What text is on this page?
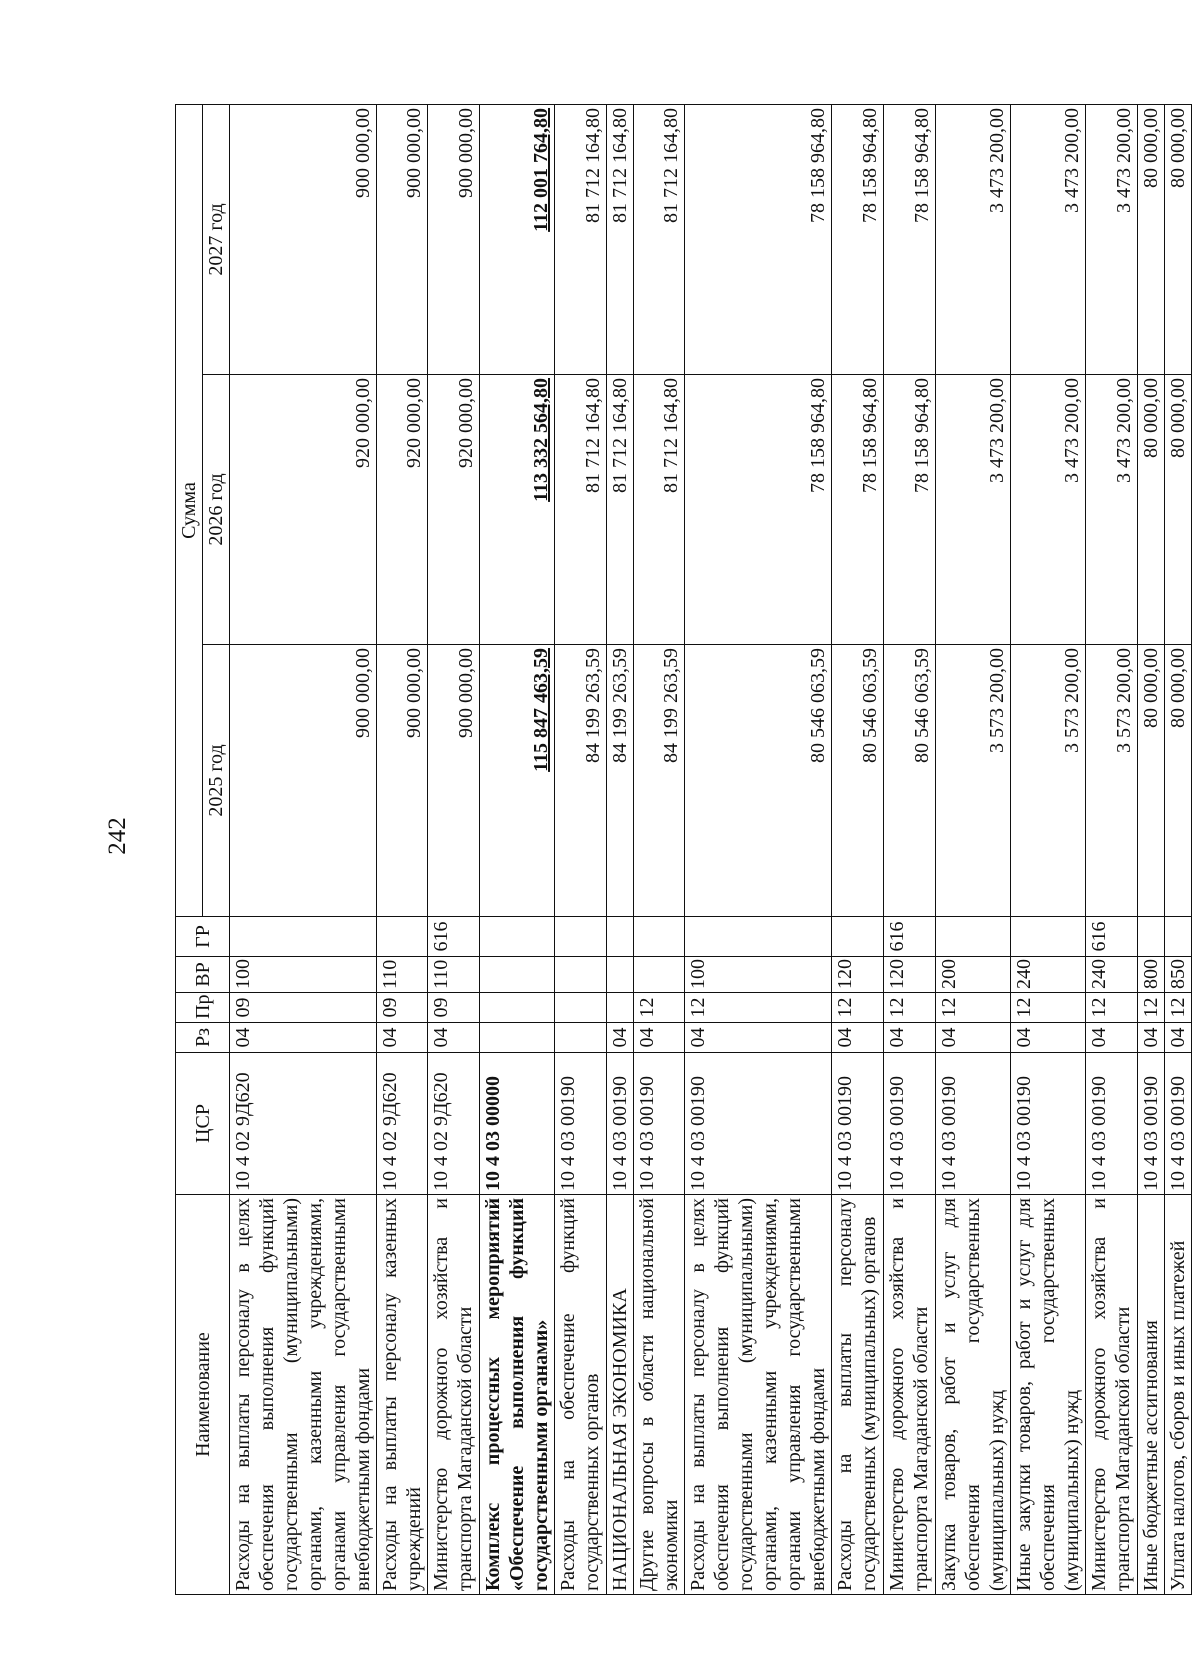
242
Наименование	ЦСР	Рз	Пр	ВР	ГР	Сумма		
						2025 год	2026 год	2027 год
Расходы на выплаты персоналу в целях обеспечения выполнения функций государственными (муниципальными) органами, казенными учреждениями, органами управления государственными внебюджетными фондами	10 4 02 9Д620	04	09	100		900 000,00	920 000,00	900 000,00
Расходы на выплаты персоналу казенных учреждений	10 4 02 9Д620	04	09	110		900 000,00	920 000,00	900 000,00
Министерство дорожного хозяйства и транспорта Магаданской области	10 4 02 9Д620	04	09	110	616	900 000,00	920 000,00	900 000,00
Комплекс процессных мероприятий «Обеспечение выполнения функций государственными органами»	10 4 03 00000					115 847 463,59	113 332 564,80	112 001 764,80
Расходы на обеспечение функций государственных органов	10 4 03 00190					84 199 263,59	81 712 164,80	81 712 164,80
НАЦИОНАЛЬНАЯ ЭКОНОМИКА	10 4 03 00190	04				84 199 263,59	81 712 164,80	81 712 164,80
Другие вопросы в области национальной экономики	10 4 03 00190	04	12			84 199 263,59	81 712 164,80	81 712 164,80
Расходы на выплаты персоналу в целях обеспечения выполнения функций государственными (муниципальными) органами, казенными учреждениями, органами управления государственными внебюджетными фондами	10 4 03 00190	04	12	100		80 546 063,59	78 158 964,80	78 158 964,80
Расходы на выплаты персоналу государственных (муниципальных) органов	10 4 03 00190	04	12	120		80 546 063,59	78 158 964,80	78 158 964,80
Министерство дорожного хозяйства и транспорта Магаданской области	10 4 03 00190	04	12	120	616	80 546 063,59	78 158 964,80	78 158 964,80
Закупка товаров, работ и услуг для обеспечения государственных (муниципальных) нужд	10 4 03 00190	04	12	200		3 573 200,00	3 473 200,00	3 473 200,00
Иные закупки товаров, работ и услуг для обеспечения государственных (муниципальных) нужд	10 4 03 00190	04	12	240		3 573 200,00	3 473 200,00	3 473 200,00
Министерство дорожного хозяйства и транспорта Магаданской области	10 4 03 00190	04	12	240	616	3 573 200,00	3 473 200,00	3 473 200,00
Иные бюджетные ассигнования	10 4 03 00190	04	12	800		80 000,00	80 000,00	80 000,00
Уплата налогов, сборов и иных платежей	10 4 03 00190	04	12	850		80 000,00	80 000,00	80 000,00
